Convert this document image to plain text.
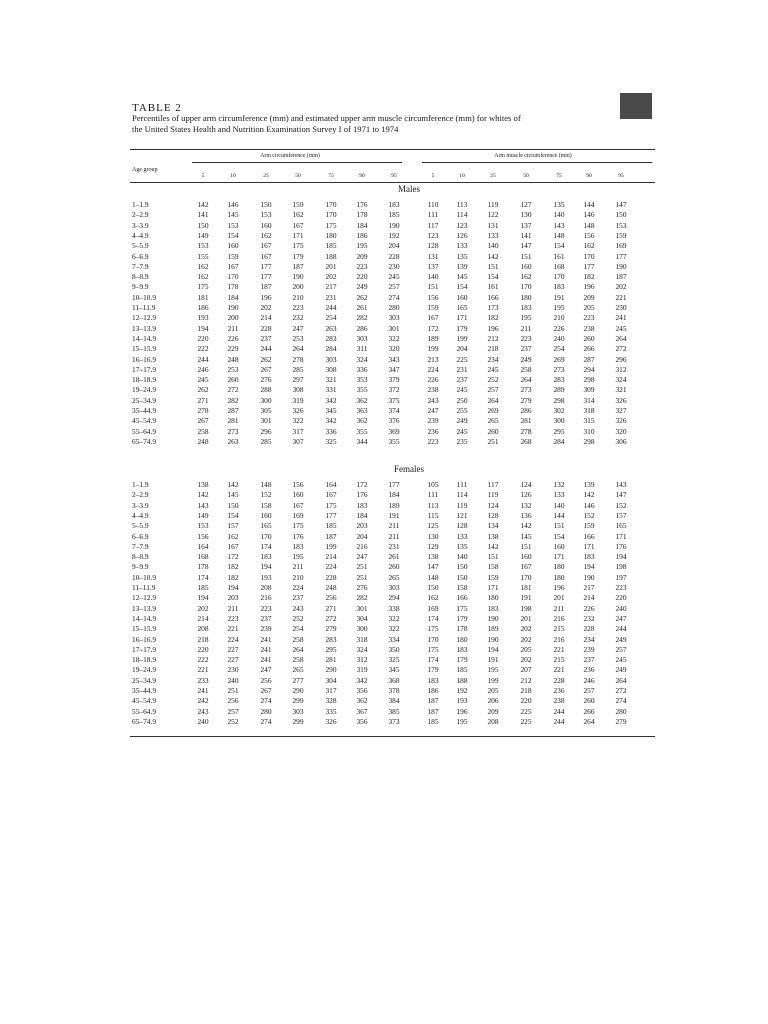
TABLE 2
Percentiles of upper arm circumference (mm) and estimated upper arm muscle circumference (mm) for whites of the United States Health and Nutrition Examination Survey I of 1971 to 1974
Arm circumference (mm)	Arm muscle circumference (mm)
Age group
5	10	25	50	75	90	95	5	10	25	50	75	90	95
Males
1–1.9	142	146	150	159	170	176	183	110	113	119	127	135	144	147
2–2.9	141	145	153	162	170	178	185	111	114	122	130	140	146	150
3–3.9	150	153	160	167	175	184	190	117	123	131	137	143	148	153
4–4.9	149	154	162	171	180	186	192	123	126	133	141	148	156	159
5–5.9	153	160	167	175	185	195	204	128	133	140	147	154	162	169
6–6.9	155	159	167	179	188	209	228	131	135	142	151	161	170	177
7–7.9	162	167	177	187	201	223	230	137	139	151	160	168	177	190
8–8.9	162	170	177	190	202	220	245	140	145	154	162	170	182	187
9–9.9	175	178	187	200	217	249	257	151	154	161	170	183	196	202
10–10.9	181	184	196	210	231	262	274	156	160	166	180	191	209	221
11–11.9	186	190	202	223	244	261	280	159	165	173	183	195	205	230
12–12.9	193	200	214	232	254	282	303	167	171	182	195	210	223	241
13–13.9	194	211	228	247	263	286	301	172	179	196	211	226	238	245
14–14.9	220	226	237	253	283	303	322	189	199	212	223	240	260	264
15–15.9	222	229	244	264	284	311	320	199	204	218	237	254	266	272
16–16.9	244	248	262	278	303	324	343	213	225	234	249	269	287	296
17–17.9	246	253	267	285	308	336	347	224	231	245	258	273	294	312
18–18.9	245	260	276	297	321	353	379	226	237	252	264	283	298	324
19–24.9	262	272	288	308	331	355	372	238	245	257	273	289	309	321
25–34.9	271	282	300	319	342	362	375	243	250	264	279	298	314	326
35–44.9	278	287	305	326	345	363	374	247	255	269	286	302	318	327
45–54.9	267	281	301	322	342	362	376	239	249	265	281	300	315	326
55–64.9	258	273	296	317	336	355	369	236	245	260	278	295	310	320
65–74.9	248	263	285	307	325	344	355	223	235	251	268	284	298	306
Females
1–1.9	138	142	148	156	164	172	177	105	111	117	124	132	139	143
2–2.9	142	145	152	160	167	176	184	111	114	119	126	133	142	147
3–3.9	143	150	158	167	175	183	189	113	119	124	132	140	146	152
4–4.9	149	154	160	169	177	184	191	115	121	128	136	144	152	157
5–5.9	153	157	165	175	185	203	211	125	128	134	142	151	159	165
6–6.9	156	162	170	176	187	204	211	130	133	138	145	154	166	171
7–7.9	164	167	174	183	199	216	231	129	135	142	151	160	171	176
8–8.9	168	172	183	195	214	247	261	138	140	151	160	171	183	194
9–9.9	178	182	194	211	224	251	260	147	150	158	167	180	194	198
10–10.9	174	182	193	210	228	251	265	148	150	159	170	180	190	197
11–11.9	185	194	208	224	248	276	303	150	158	171	181	196	217	223
12–12.9	194	203	216	237	256	282	294	162	166	180	191	201	214	220
13–13.9	202	211	223	243	271	301	338	169	175	183	198	211	226	240
14–14.9	214	223	237	252	272	304	322	174	179	190	201	216	232	247
15–15.9	208	221	239	254	279	300	322	175	178	189	202	215	228	244
16–16.9	218	224	241	258	283	318	334	170	180	190	202	216	234	249
17–17.9	220	227	241	264	295	324	350	175	183	194	205	221	239	257
18–18.9	222	227	241	258	281	312	325	174	179	191	202	215	237	245
19–24.9	221	230	247	265	290	319	345	179	185	195	207	221	236	249
25–34.9	233	240	256	277	304	342	368	183	188	199	212	228	246	264
35–44.9	241	251	267	290	317	356	378	186	192	205	218	236	257	272
45–54.9	242	256	274	299	328	362	384	187	193	206	220	238	260	274
55–64.9	243	257	280	303	335	367	385	187	196	209	225	244	266	280
65–74.9	240	252	274	299	326	356	373	185	195	208	225	244	264	279
